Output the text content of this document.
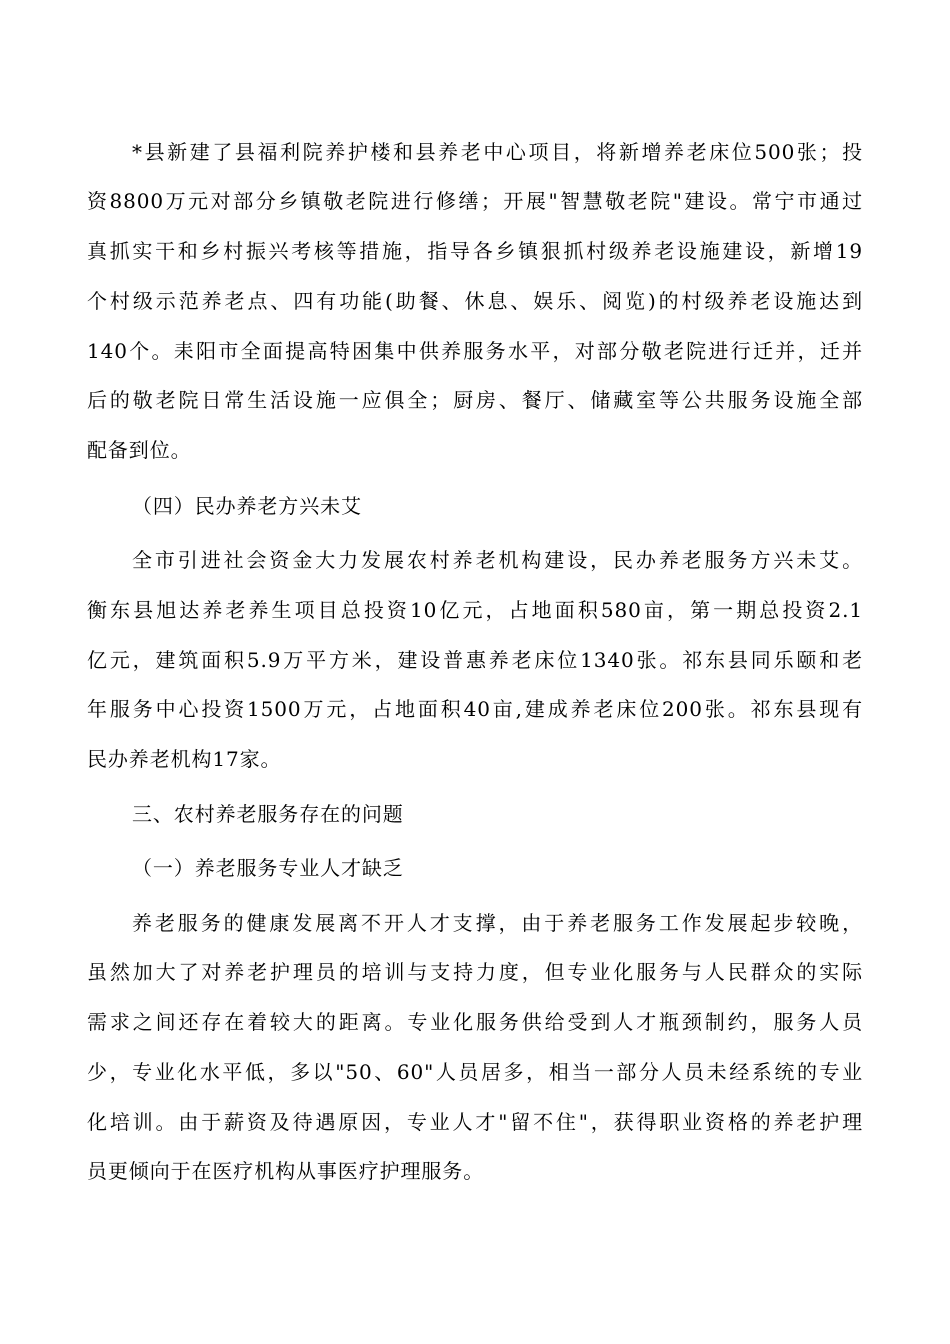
*县新建了县福利院养护楼和县养老中心项目，将新增养老床位500张；投
资8800万元对部分乡镇敬老院进行修缮；开展"智慧敬老院"建设。常宁市通过
真抓实干和乡村振兴考核等措施，指导各乡镇狠抓村级养老设施建设，新增19
个村级示范养老点、四有功能(助餐、休息、娱乐、阅览)的村级养老设施达到
140个。耒阳市全面提高特困集中供养服务水平，对部分敬老院进行迁并，迁并
后的敬老院日常生活设施一应俱全；厨房、餐厅、储藏室等公共服务设施全部
配备到位。
（四）民办养老方兴未艾
全市引进社会资金大力发展农村养老机构建设，民办养老服务方兴未艾。
衡东县旭达养老养生项目总投资10亿元，占地面积580亩，第一期总投资2.1
亿元，建筑面积5.9万平方米，建设普惠养老床位1340张。祁东县同乐颐和老
年服务中心投资1500万元，占地面积40亩,建成养老床位200张。祁东县现有
民办养老机构17家。
三、农村养老服务存在的问题
（一）养老服务专业人才缺乏
养老服务的健康发展离不开人才支撑，由于养老服务工作发展起步较晚，
虽然加大了对养老护理员的培训与支持力度，但专业化服务与人民群众的实际
需求之间还存在着较大的距离。专业化服务供给受到人才瓶颈制约，服务人员
少，专业化水平低，多以"50、60"人员居多，相当一部分人员未经系统的专业
化培训。由于薪资及待遇原因，专业人才"留不住"，获得职业资格的养老护理
员更倾向于在医疗机构从事医疗护理服务。
